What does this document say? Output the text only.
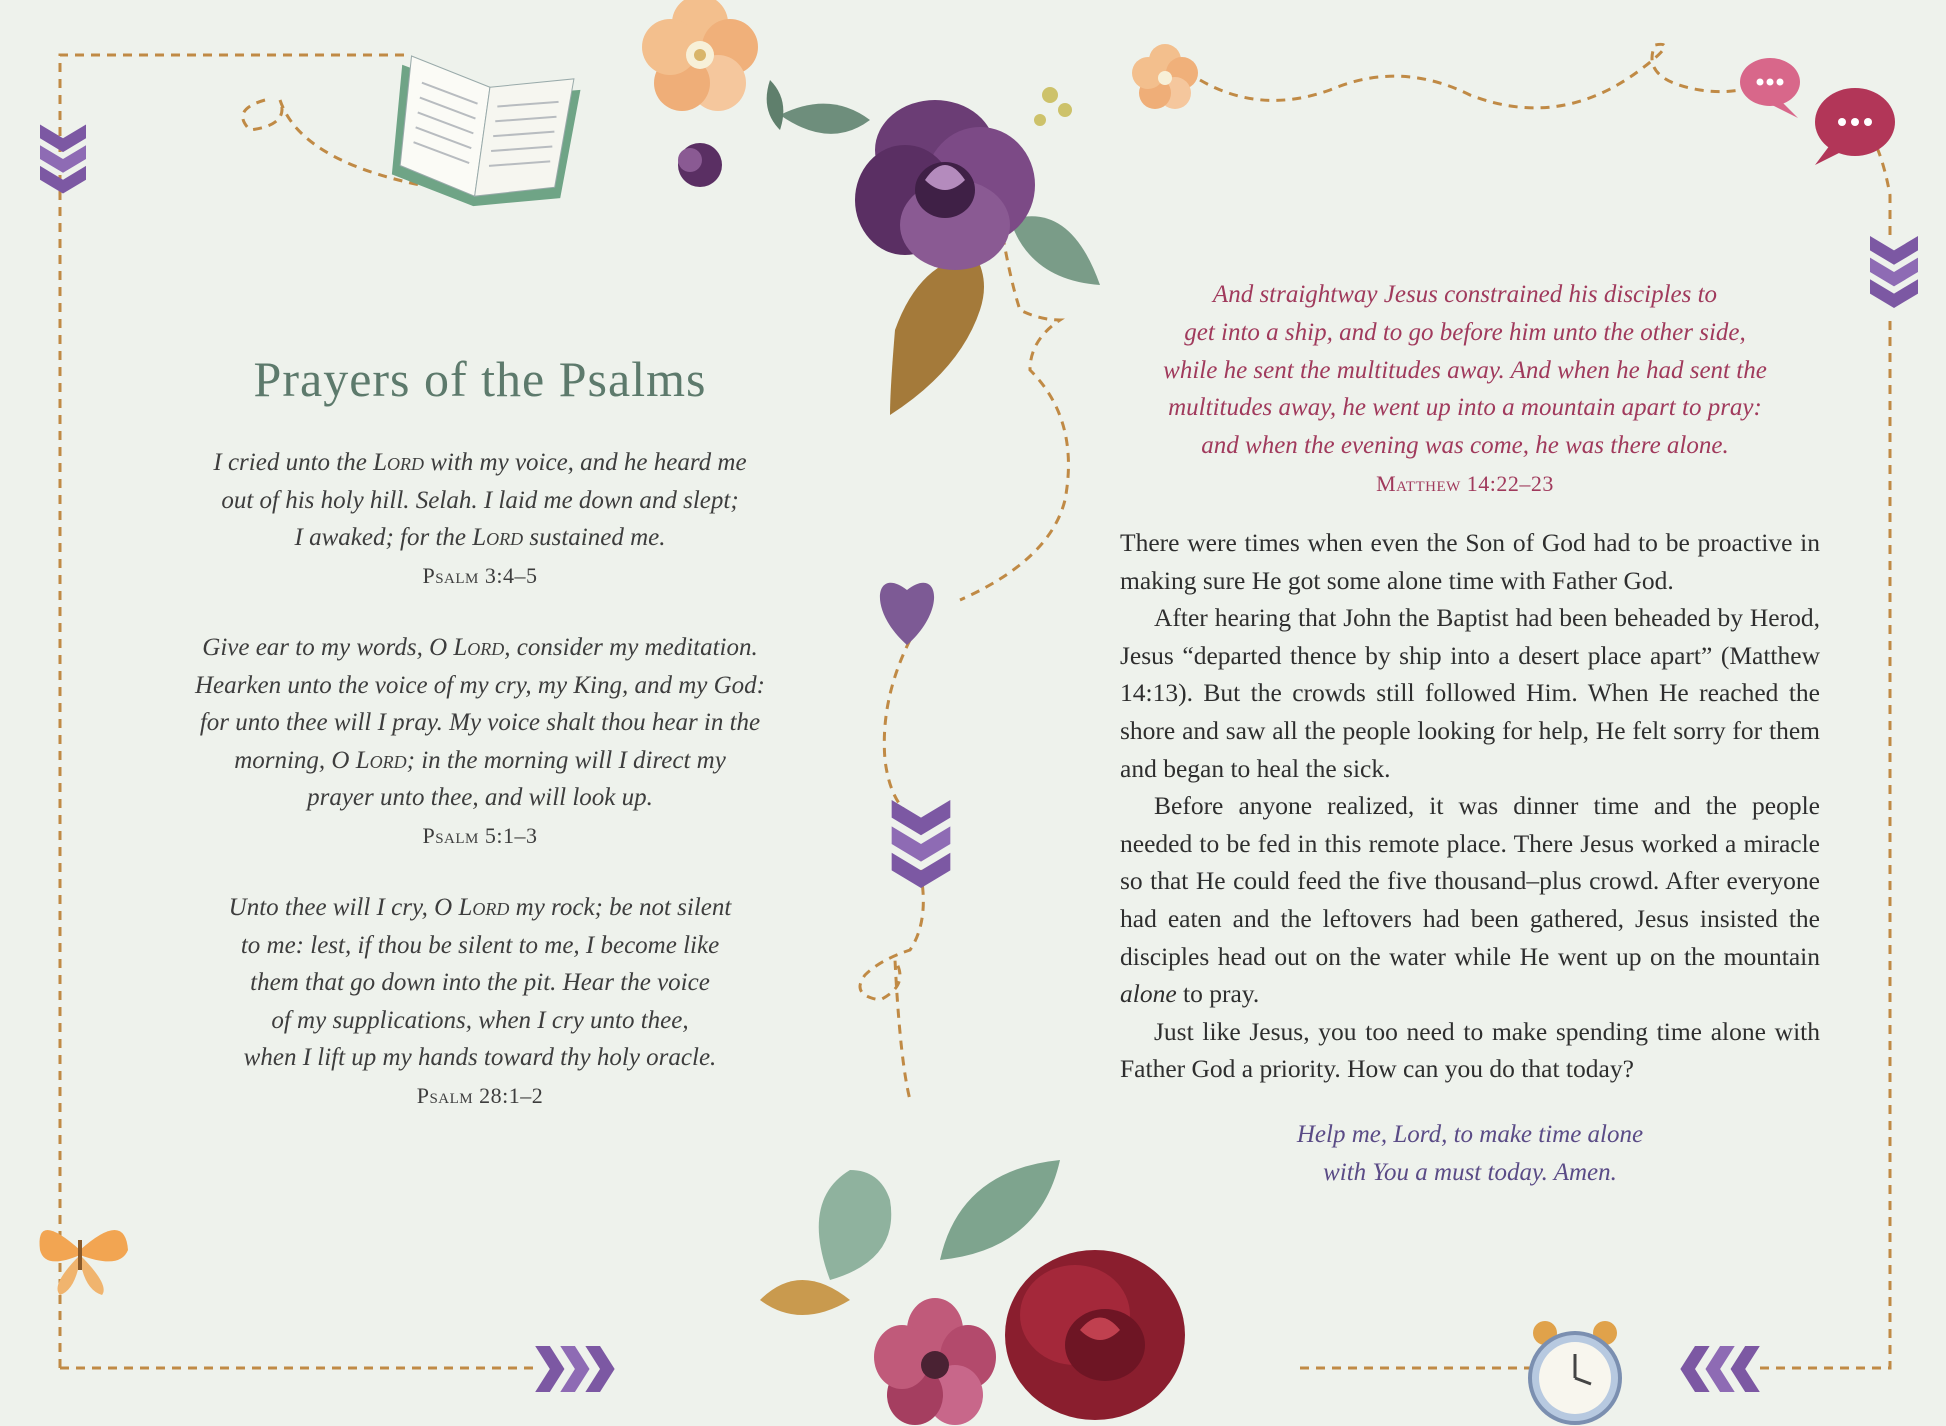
Prayers of the Psalms

I cried unto the Lord with my voice, and he heard me
out of his holy hill. Selah. I laid me down and slept;
I awaked; for the Lord sustained me.

Psalm 3:4–5

Give ear to my words, O Lord, consider my meditation.
Hearken unto the voice of my cry, my King, and my God:
for unto thee will I pray. My voice shalt thou hear in the
morning, O Lord; in the morning will I direct my
prayer unto thee, and will look up.

Psalm 5:1–3

Unto thee will I cry, O Lord my rock; be not silent
to me: lest, if thou be silent to me, I become like
them that go down into the pit. Hear the voice
of my supplications, when I cry unto thee,
when I lift up my hands toward thy holy oracle.

Psalm 28:1–2

And straightway Jesus constrained his disciples to
get into a ship, and to go before him unto the other side,
while he sent the multitudes away. And when he had sent the
multitudes away, he went up into a mountain apart to pray:
and when the evening was come, he was there alone.

Matthew 14:22–23

There were times when even the Son of God had to be proactive in making sure He got some alone time with Father God.

After hearing that John the Baptist had been beheaded by Herod, Jesus “departed thence by ship into a desert place apart” (Matthew 14:13). But the crowds still followed Him. When He reached the shore and saw all the people looking for help, He felt sorry for them and began to heal the sick.

Before anyone realized, it was dinner time and the people needed to be fed in this remote place. There Jesus worked a miracle so that He could feed the five thousand–plus crowd. After everyone had eaten and the leftovers had been gathered, Jesus insisted the disciples head out on the water while He went up on the mountain alone to pray.

Just like Jesus, you too need to make spending time alone with Father God a priority. How can you do that today?

Help me, Lord, to make time alone
with You a must today. Amen.
